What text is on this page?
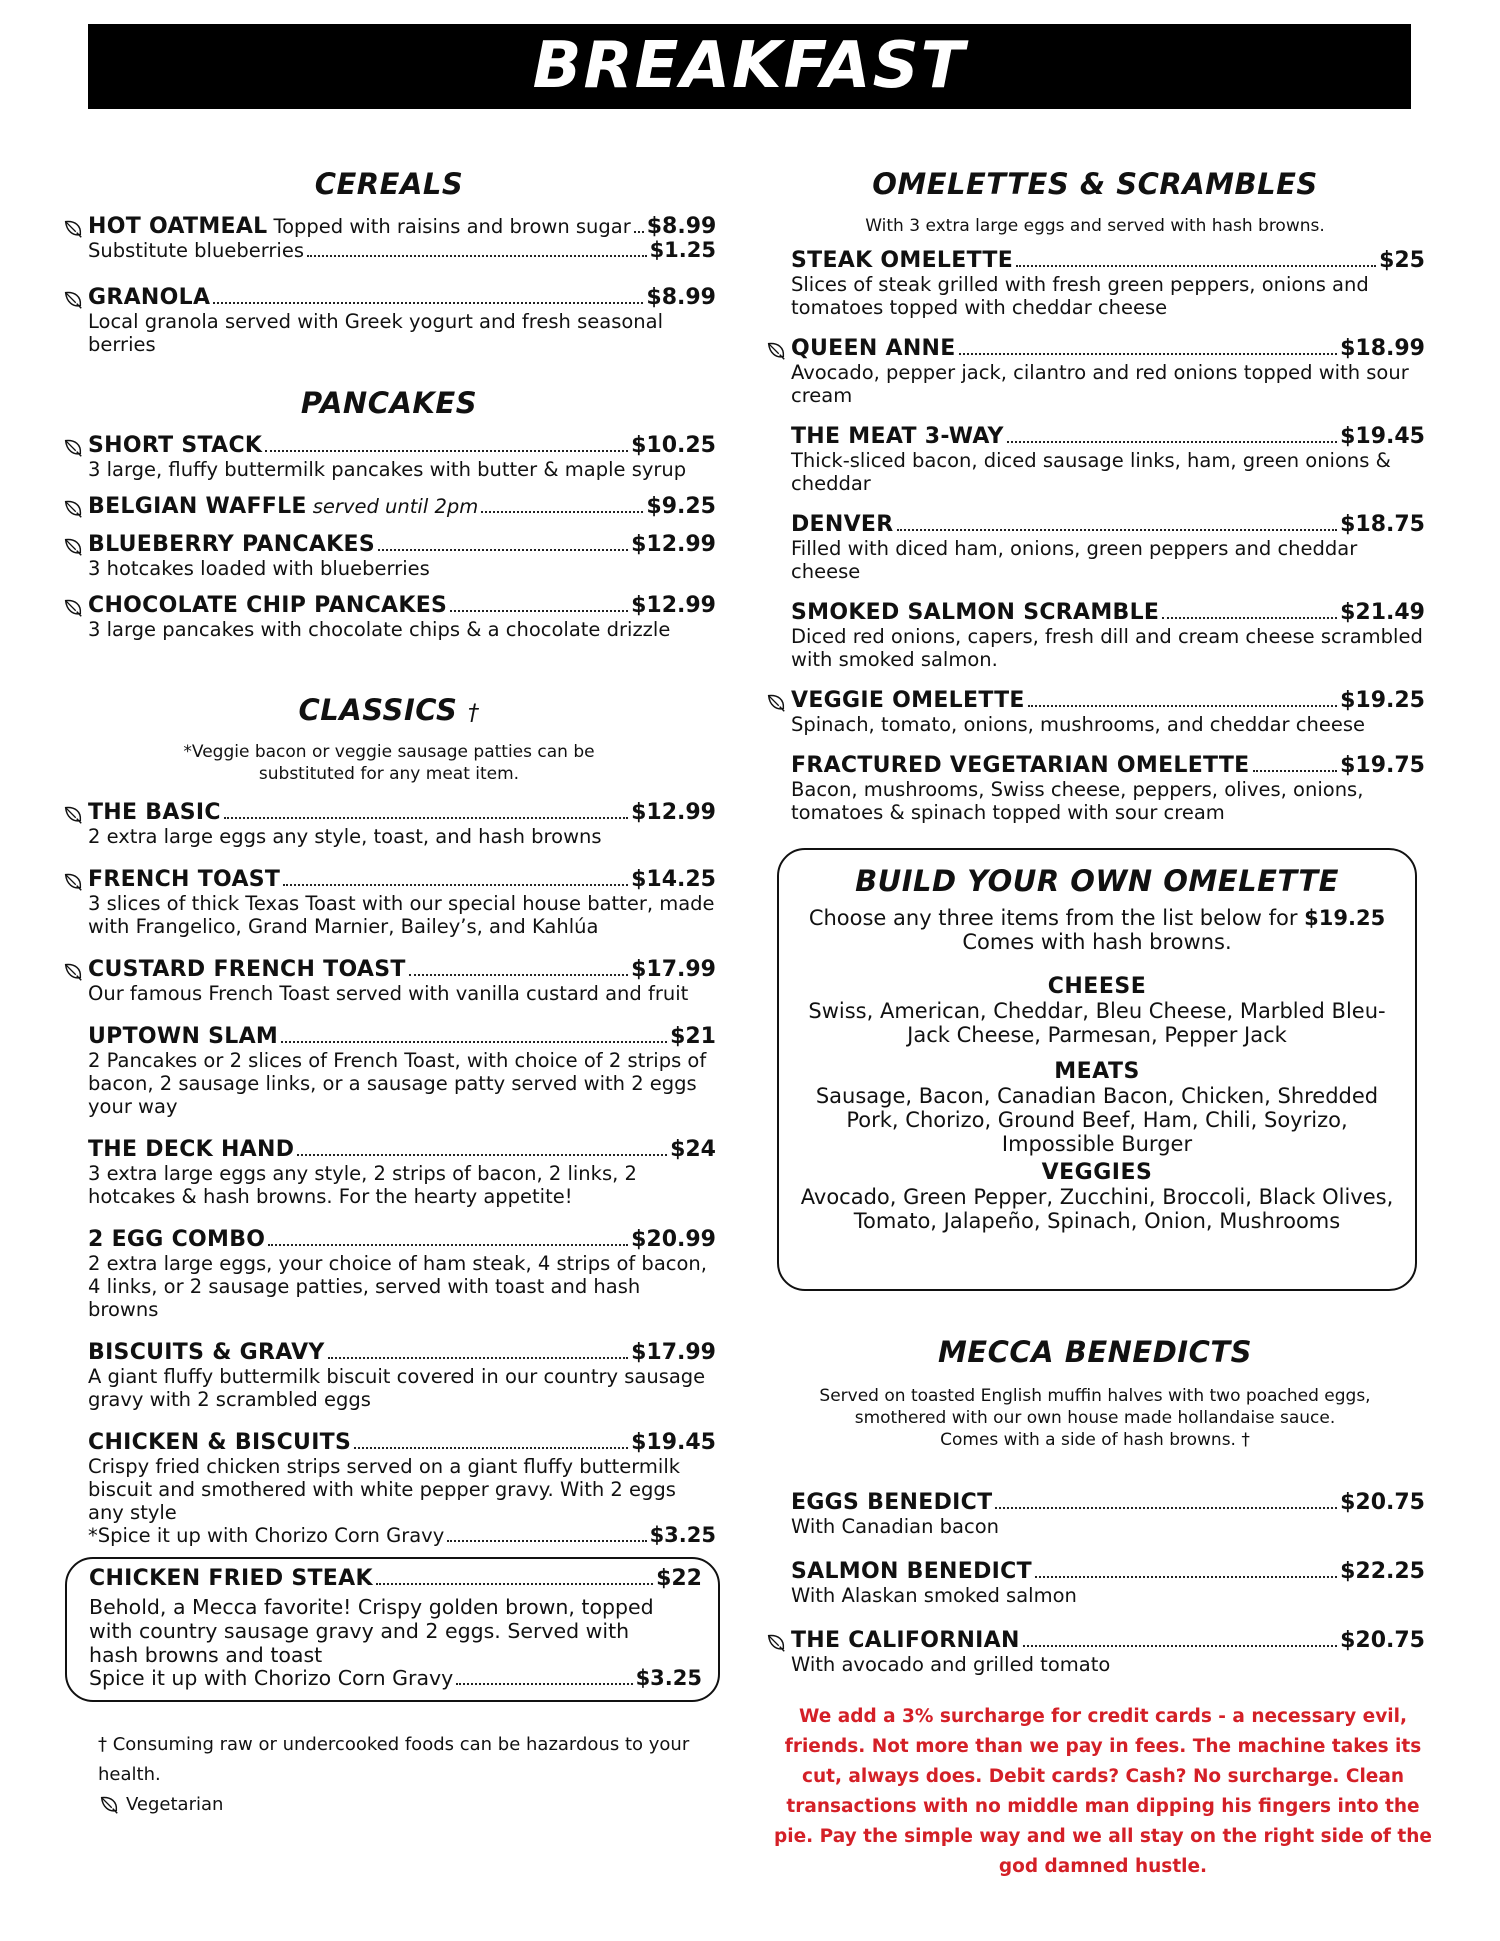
BREAKFAST
CEREALS
HOT OATMEAL Topped with raisins and brown sugar $8.99
Substitute blueberries	$1.25
GRANOLA	$8.99
Local granola served with Greek yogurt and fresh seasonal berries
PANCAKES
SHORT STACK	$10.25
3 large, fluffy buttermilk pancakes with butter & maple syrup
BELGIAN WAFFLE served until 2pm	$9.25
BLUEBERRY PANCAKES	$12.99
3 hotcakes loaded with blueberries
CHOCOLATE CHIP PANCAKES	$12.99
3 large pancakes with chocolate chips & a chocolate drizzle
CLASSICS †
*Veggie bacon or veggie sausage patties can be substituted for any meat item.
THE BASIC	$12.99
2 extra large eggs any style, toast, and hash browns
FRENCH TOAST	$14.25
3 slices of thick Texas Toast with our special house batter, made with Frangelico, Grand Marnier, Bailey’s, and Kahlúa
CUSTARD FRENCH TOAST	$17.99
Our famous French Toast served with vanilla custard and fruit
UPTOWN SLAM	$21
2 Pancakes or 2 slices of French Toast, with choice of 2 strips of bacon, 2 sausage links, or a sausage patty served with 2 eggs your way
THE DECK HAND	$24
3 extra large eggs any style, 2 strips of bacon, 2 links, 2 hotcakes & hash browns. For the hearty appetite!
2 EGG COMBO	$20.99
2 extra large eggs, your choice of ham steak, 4 strips of bacon, 4 links, or 2 sausage patties, served with toast and hash browns
BISCUITS & GRAVY	$17.99
A giant fluffy buttermilk biscuit covered in our country sausage gravy with 2 scrambled eggs
CHICKEN & BISCUITS	$19.45
Crispy fried chicken strips served on a giant fluffy buttermilk biscuit and smothered with white pepper gravy. With 2 eggs any style
*Spice it up with Chorizo Corn Gravy	$3.25
CHICKEN FRIED STEAK	$22
Behold, a Mecca favorite! Crispy golden brown, topped with country sausage gravy and 2 eggs. Served with hash browns and toast
Spice it up with Chorizo Corn Gravy	$3.25
† Consuming raw or undercooked foods can be hazardous to your health.
Vegetarian
OMELETTES & SCRAMBLES
With 3 extra large eggs and served with hash browns.
STEAK OMELETTE	$25
Slices of steak grilled with fresh green peppers, onions and tomatoes topped with cheddar cheese
QUEEN ANNE	$18.99
Avocado, pepper jack, cilantro and red onions topped with sour cream
THE MEAT 3-WAY	$19.45
Thick-sliced bacon, diced sausage links, ham, green onions & cheddar
DENVER	$18.75
Filled with diced ham, onions, green peppers and cheddar cheese
SMOKED SALMON SCRAMBLE	$21.49
Diced red onions, capers, fresh dill and cream cheese scrambled with smoked salmon.
VEGGIE OMELETTE	$19.25
Spinach, tomato, onions, mushrooms, and cheddar cheese
FRACTURED VEGETARIAN OMELETTE	$19.75
Bacon, mushrooms, Swiss cheese, peppers, olives, onions, tomatoes & spinach topped with sour cream
BUILD YOUR OWN OMELETTE
Choose any three items from the list below for $19.25
Comes with hash browns.
CHEESE
Swiss, American, Cheddar, Bleu Cheese, Marbled Bleu-Jack Cheese, Parmesan, Pepper Jack
MEATS
Sausage, Bacon, Canadian Bacon, Chicken, Shredded Pork, Chorizo, Ground Beef, Ham, Chili, Soyrizo, Impossible Burger
VEGGIES
Avocado, Green Pepper, Zucchini, Broccoli, Black Olives, Tomato, Jalapeño, Spinach, Onion, Mushrooms
MECCA BENEDICTS
Served on toasted English muffin halves with two poached eggs,
smothered with our own house made hollandaise sauce.
Comes with a side of hash browns. †
EGGS BENEDICT	$20.75
With Canadian bacon
SALMON BENEDICT	$22.25
With Alaskan smoked salmon
THE CALIFORNIAN	$20.75
With avocado and grilled tomato
We add a 3% surcharge for credit cards - a necessary evil, friends. Not more than we pay in fees. The machine takes its cut, always does. Debit cards? Cash? No surcharge. Clean transactions with no middle man dipping his fingers into the pie. Pay the simple way and we all stay on the right side of the god damned hustle.
